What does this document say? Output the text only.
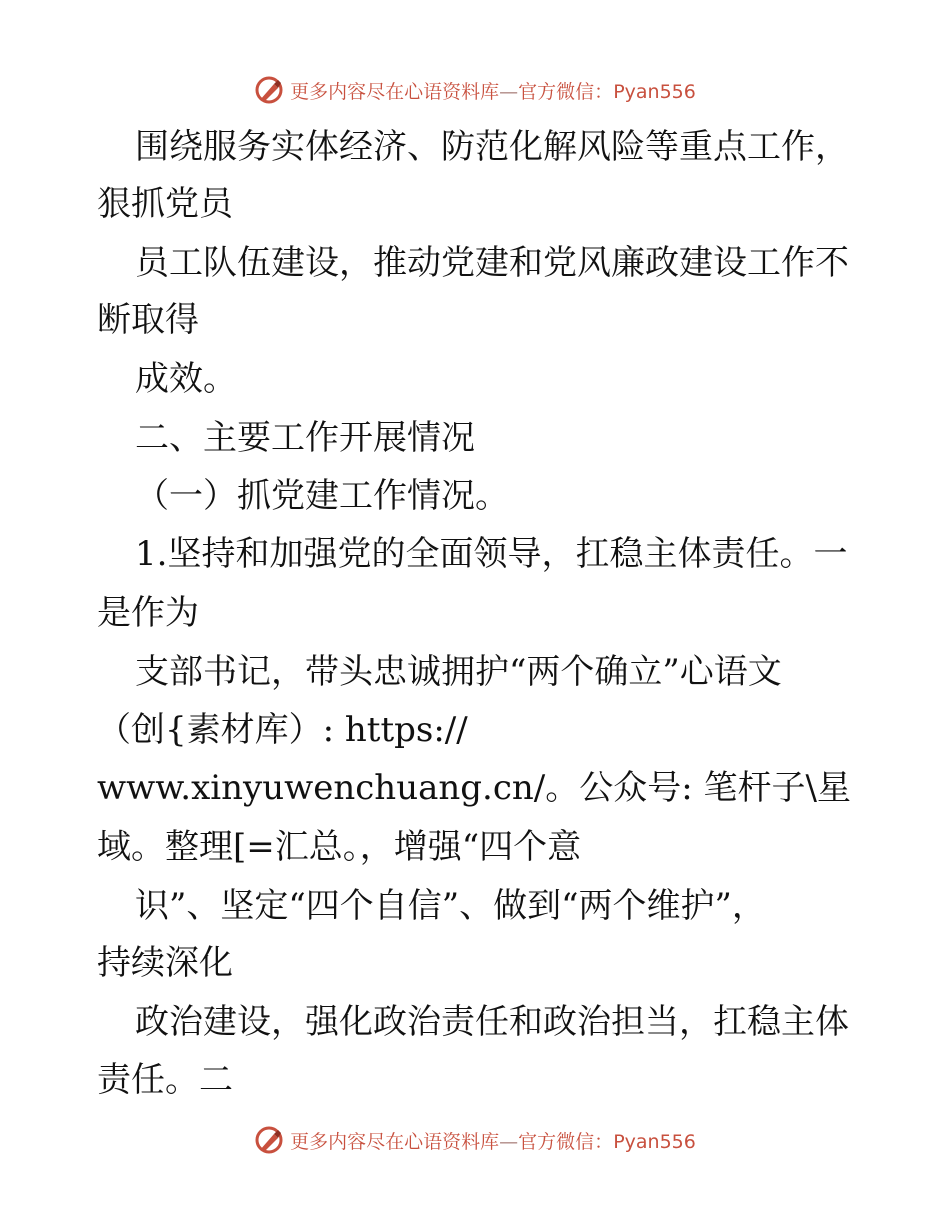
更多内容尽在心语资料库—官方微信：Pyan556
围绕服务实体经济、防范化解风险等重点工作，
狠抓党员
员工队伍建设，推动党建和党风廉政建设工作不
断取得
成效。
二、主要工作开展情况
（一）抓党建工作情况。
1.坚持和加强党的全面领导，扛稳主体责任。一
是作为
支部书记，带头忠诚拥护“两个确立”心语文
（创{素材库）: https://
www.xinyuwenchuang.cn/。公众号: 笔杆子\星
域。整理[=汇总。，增强“四个意
识”、坚定“四个自信”、做到“两个维护”，
持续深化
政治建设，强化政治责任和政治担当，扛稳主体
责任。二
更多内容尽在心语资料库—官方微信：Pyan556
